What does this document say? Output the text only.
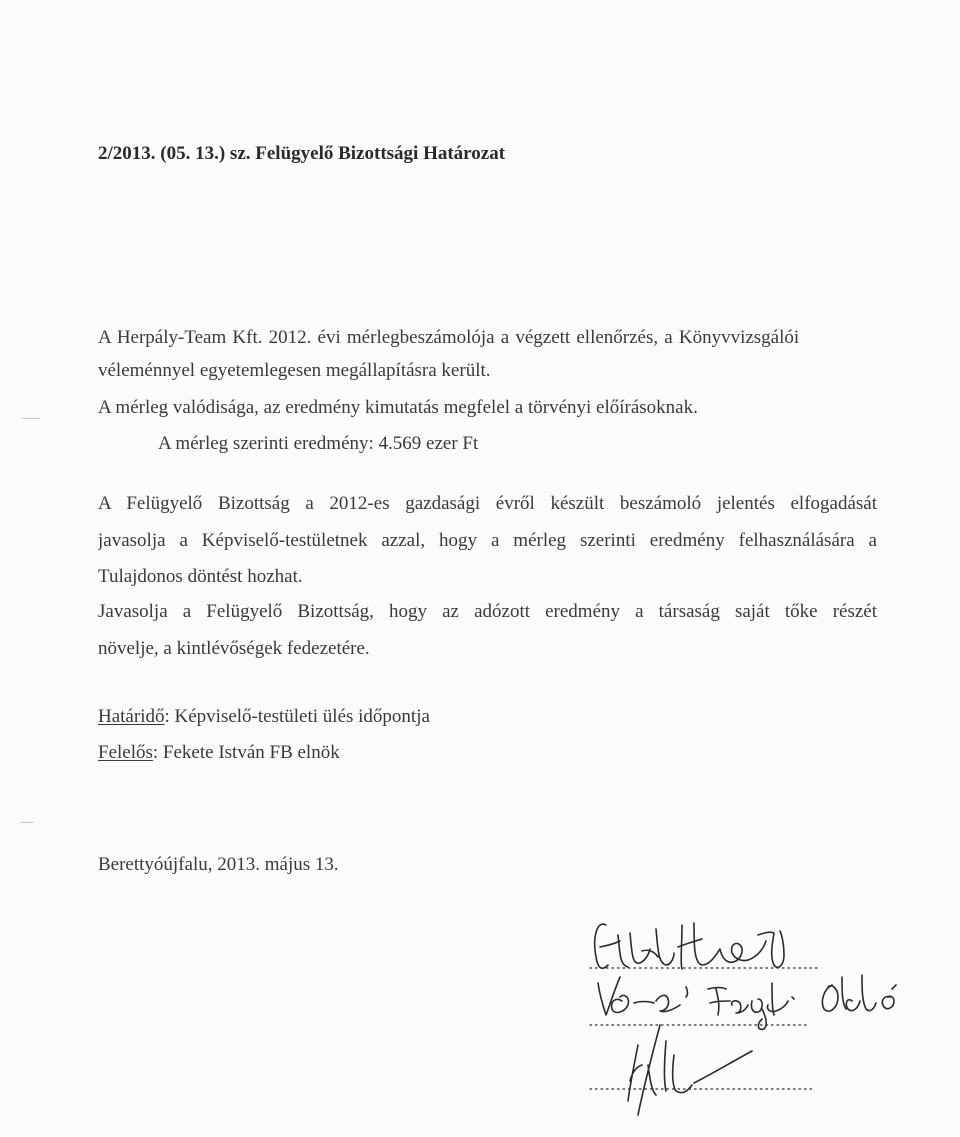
2/2013. (05. 13.) sz. Felügyelő Bizottsági Határozat
A Herpály-Team Kft. 2012. évi mérlegbeszámolója a végzett ellenőrzés, a Könyvvizsgálói
véleménnyel egyetemlegesen megállapításra került.
A mérleg valódisága, az eredmény kimutatás megfelel a törvényi előírásoknak.
A mérleg szerinti eredmény: 4.569 ezer Ft
A Felügyelő Bizottság a 2012-es gazdasági évről készült beszámoló jelentés elfogadását
javasolja a Képviselő-testületnek azzal, hogy a mérleg szerinti eredmény felhasználására a
Tulajdonos döntést hozhat.
Javasolja a Felügyelő Bizottság, hogy az adózott eredmény a társaság saját tőke részét
növelje, a kintlévőségek fedezetére.
Határidő: Képviselő-testületi ülés időpontja
Felelős: Fekete István FB elnök
Berettyóújfalu, 2013. május 13.
